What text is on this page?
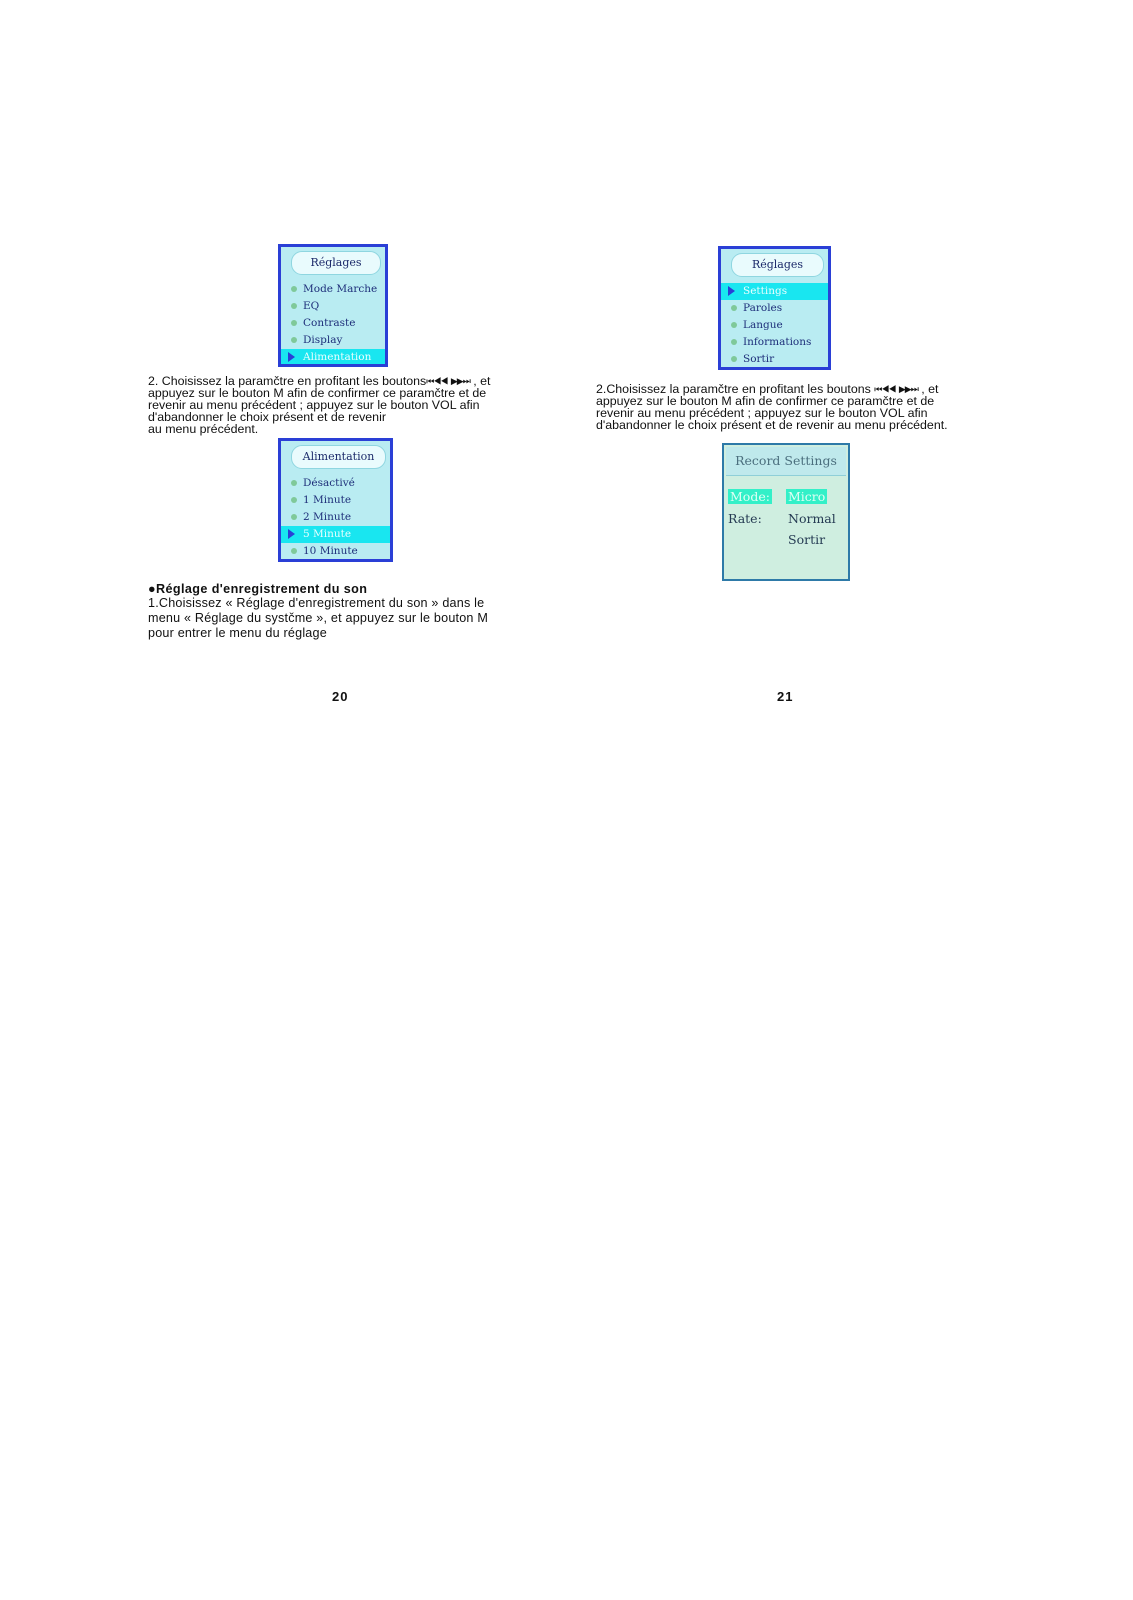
Réglages
Mode Marche
EQ
Contraste
Display
Alimentation

2. Choisissez la paramčtre en profitant les boutons⏮◀◀ ▶▶⏭ , et

appuyez sur le bouton M afin de confirmer ce paramčtre et de

revenir au menu précédent ; appuyez sur le bouton VOL afin

d'abandonner le choix présent et de revenir

au menu précédent.

Alimentation
Désactivé
1 Minute
2 Minute
5 Minute
10 Minute
●Réglage d'enregistrement du son

1.Choisissez « Réglage d'enregistrement du son » dans le

menu « Réglage du systčme », et appuyez sur le bouton M

pour entrer le menu du réglage

20
Réglages
Settings
Paroles
Langue
Informations
Sortir

2.Choisissez la paramčtre en profitant les boutons ⏮◀◀ ▶▶⏭ , et

appuyez sur le bouton M afin de confirmer ce paramčtre et de

revenir au menu précédent ; appuyez sur le bouton VOL afin

d'abandonner le choix présent et de revenir au menu précédent.

Record Settings
Mode: Micro
Rate: Normal
Sortir
21
